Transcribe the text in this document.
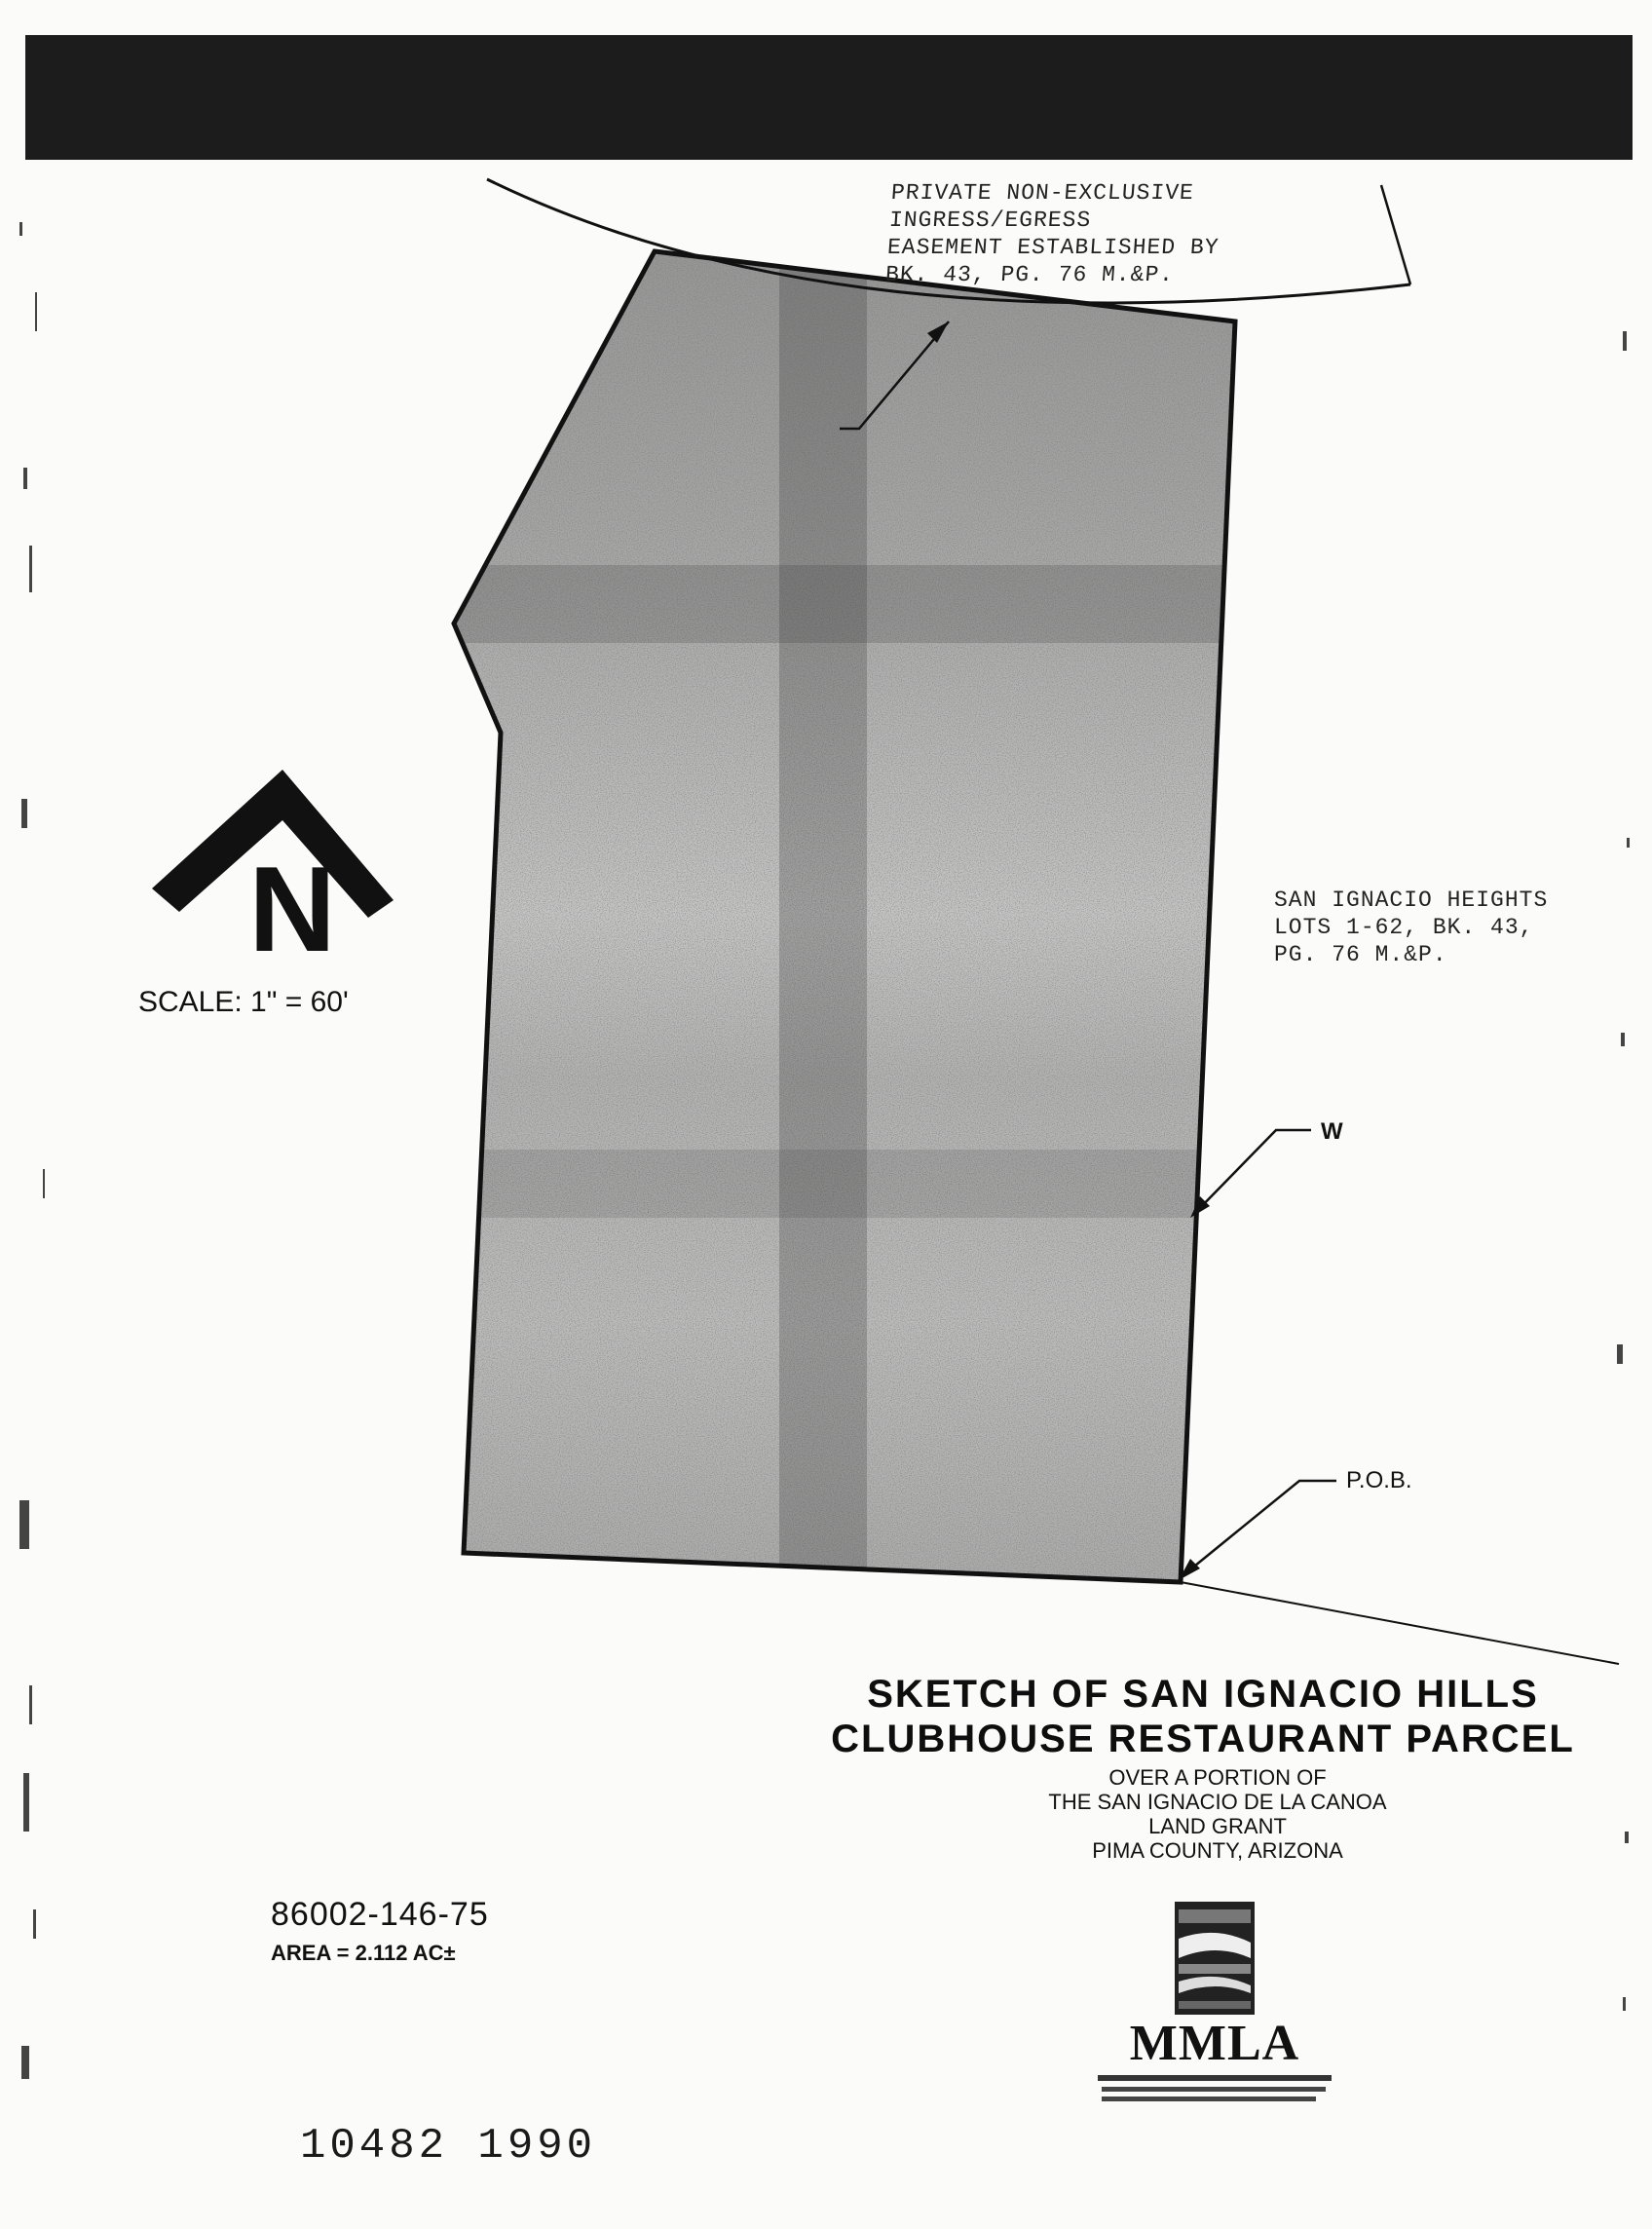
N
PRIVATE NON-EXCLUSIVE
INGRESS/EGRESS
EASEMENT ESTABLISHED BY
BK. 43, PG. 76 M.&P.
SAN IGNACIO HEIGHTS
LOTS 1-62, BK. 43,
PG. 76 M.&P.
SCALE: 1" = 60'
W
P.O.B.
SKETCH OF SAN IGNACIO HILLS
CLUBHOUSE RESTAURANT PARCEL
OVER A PORTION OF
THE SAN IGNACIO DE LA CANOA
LAND GRANT
PIMA COUNTY, ARIZONA
86002-146-75
AREA = 2.112 AC±
MMLA
10482 1990
